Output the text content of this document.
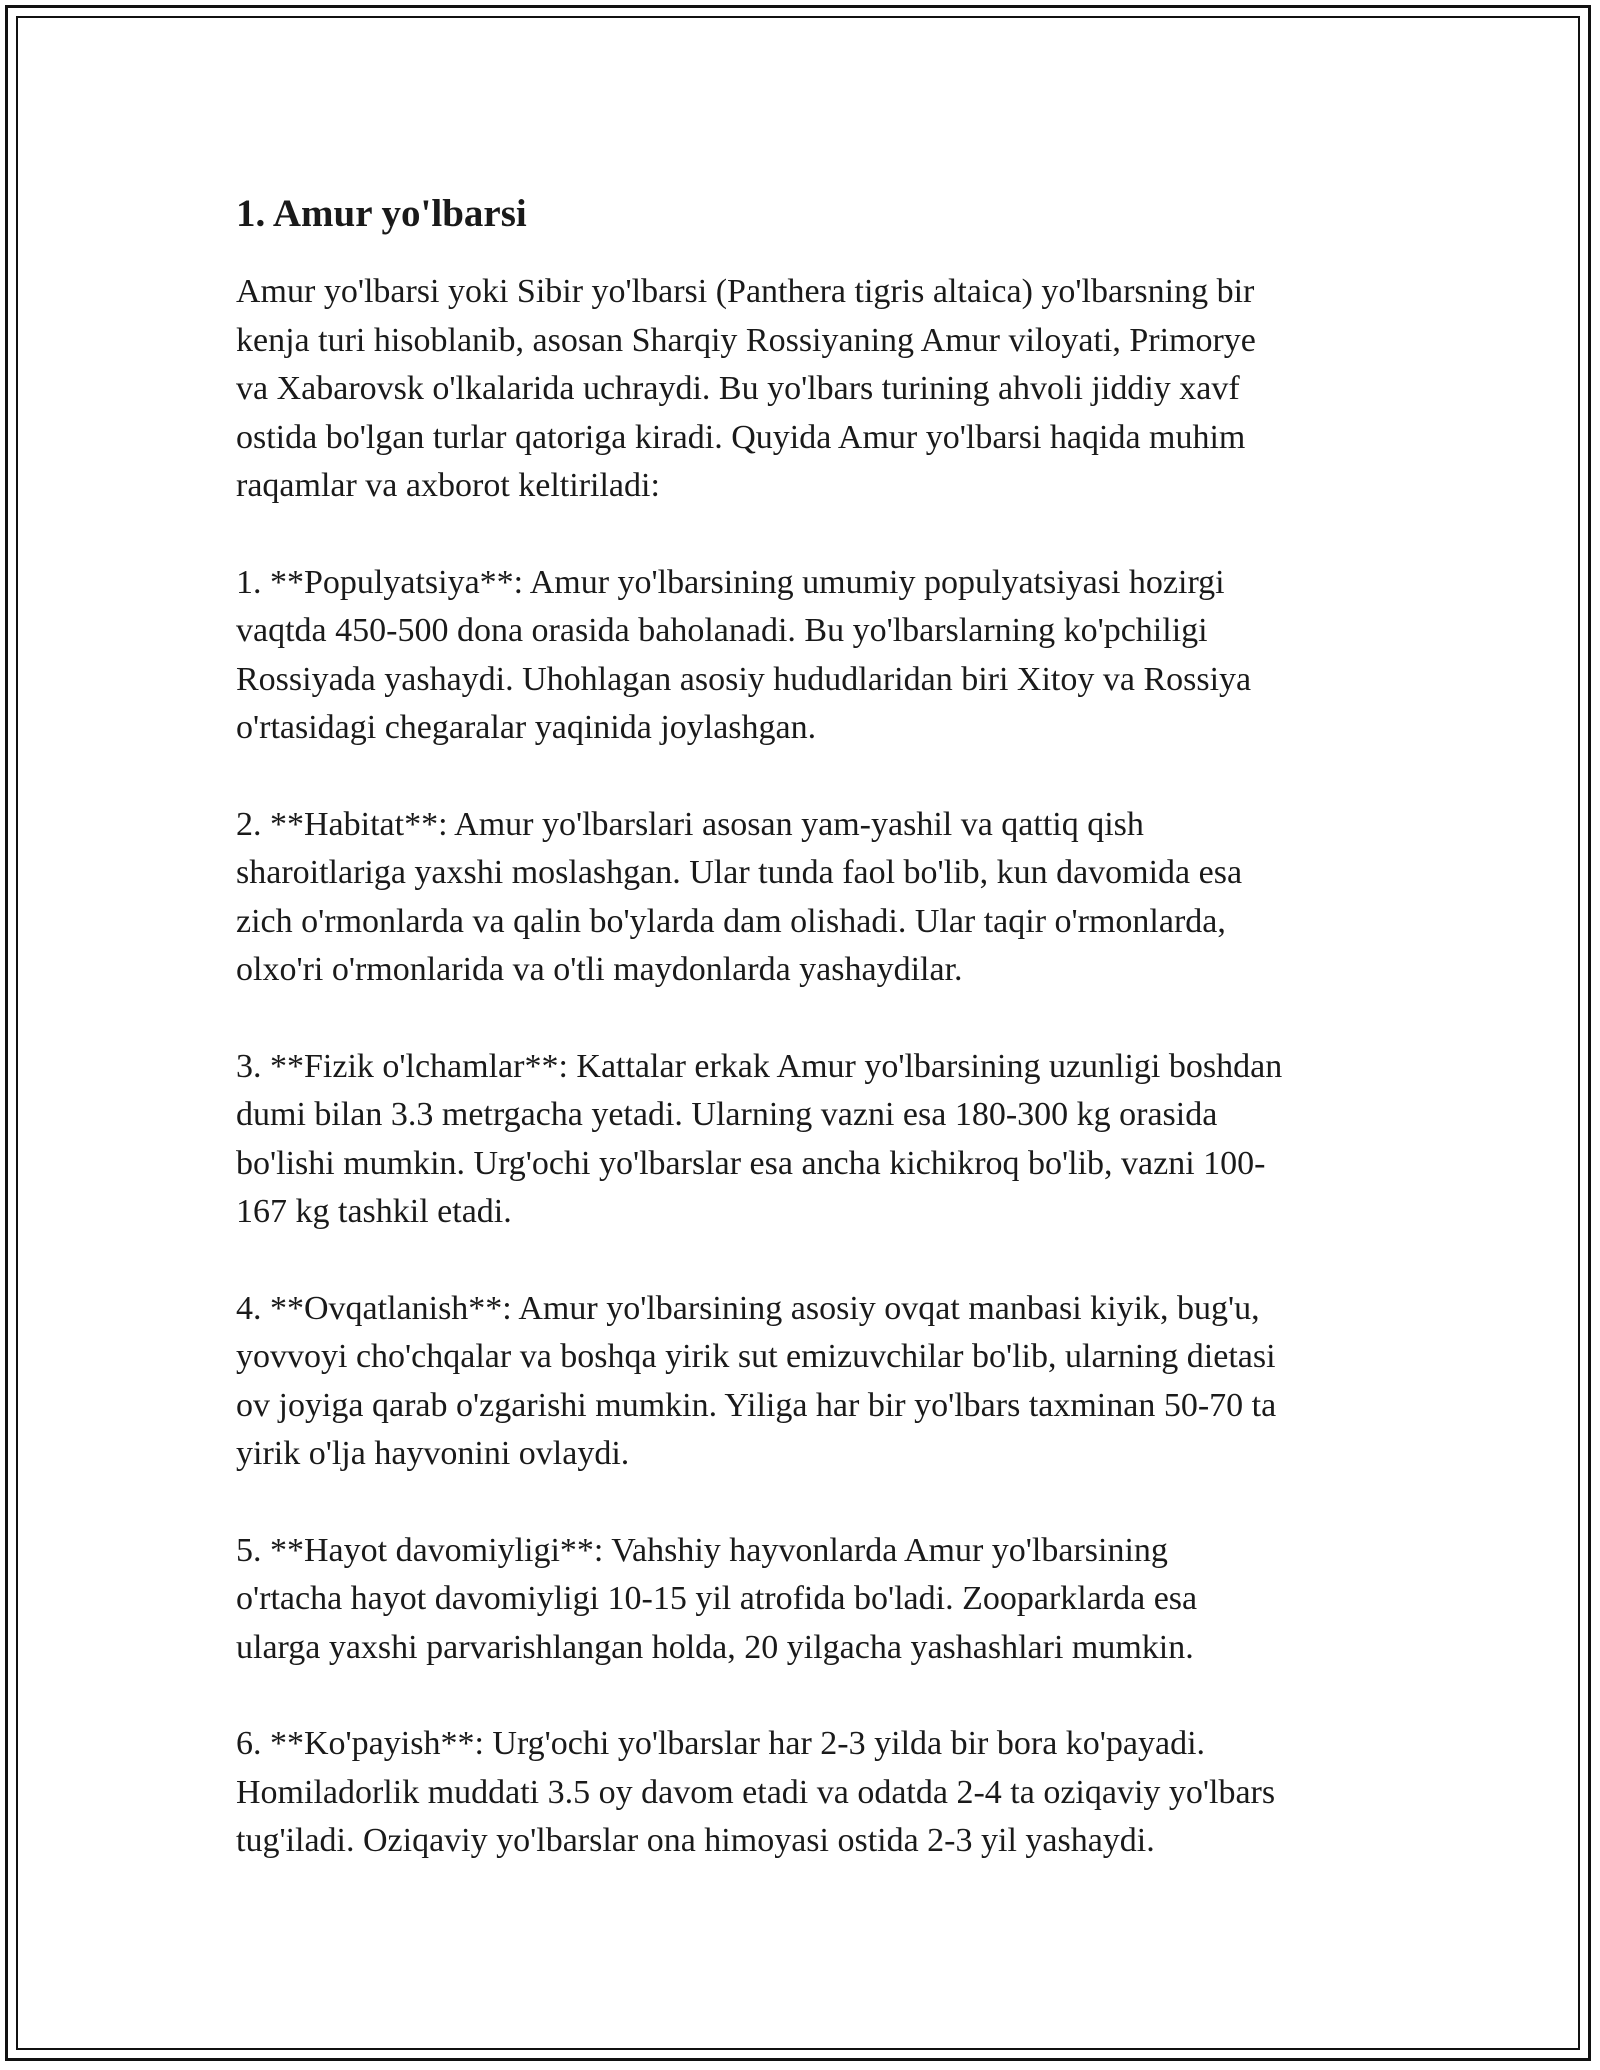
1. Amur yo'lbarsi

Amur yo'lbarsi yoki Sibir yo'lbarsi (Panthera tigris altaica) yo'lbarsning bir
kenja turi hisoblanib, asosan Sharqiy Rossiyaning Amur viloyati, Primorye
va Xabarovsk o'lkalarida uchraydi. Bu yo'lbars turining ahvoli jiddiy xavf
ostida bo'lgan turlar qatoriga kiradi. Quyida Amur yo'lbarsi haqida muhim
raqamlar va axborot keltiriladi:

1. **Populyatsiya**: Amur yo'lbarsining umumiy populyatsiyasi hozirgi
vaqtda 450-500 dona orasida baholanadi. Bu yo'lbarslarning ko'pchiligi
Rossiyada yashaydi. Uhohlagan asosiy hududlaridan biri Xitoy va Rossiya
o'rtasidagi chegaralar yaqinida joylashgan.

2. **Habitat**: Amur yo'lbarslari asosan yam-yashil va qattiq qish
sharoitlariga yaxshi moslashgan. Ular tunda faol bo'lib, kun davomida esa
zich o'rmonlarda va qalin bo'ylarda dam olishadi. Ular taqir o'rmonlarda,
olxo'ri o'rmonlarida va o'tli maydonlarda yashaydilar.

3. **Fizik o'lchamlar**: Kattalar erkak Amur yo'lbarsining uzunligi boshdan
dumi bilan 3.3 metrgacha yetadi. Ularning vazni esa 180-300 kg orasida
bo'lishi mumkin. Urg'ochi yo'lbarslar esa ancha kichikroq bo'lib, vazni 100-
167 kg tashkil etadi.

4. **Ovqatlanish**: Amur yo'lbarsining asosiy ovqat manbasi kiyik, bug'u,
yovvoyi cho'chqalar va boshqa yirik sut emizuvchilar bo'lib, ularning dietasi
ov joyiga qarab o'zgarishi mumkin. Yiliga har bir yo'lbars taxminan 50-70 ta
yirik o'lja hayvonini ovlaydi.

5. **Hayot davomiyligi**: Vahshiy hayvonlarda Amur yo'lbarsining
o'rtacha hayot davomiyligi 10-15 yil atrofida bo'ladi. Zooparklarda esa
ularga yaxshi parvarishlangan holda, 20 yilgacha yashashlari mumkin.

6. **Ko'payish**: Urg'ochi yo'lbarslar har 2-3 yilda bir bora ko'payadi.
Homiladorlik muddati 3.5 oy davom etadi va odatda 2-4 ta oziqaviy yo'lbars
tug'iladi. Oziqaviy yo'lbarslar ona himoyasi ostida 2-3 yil yashaydi.
